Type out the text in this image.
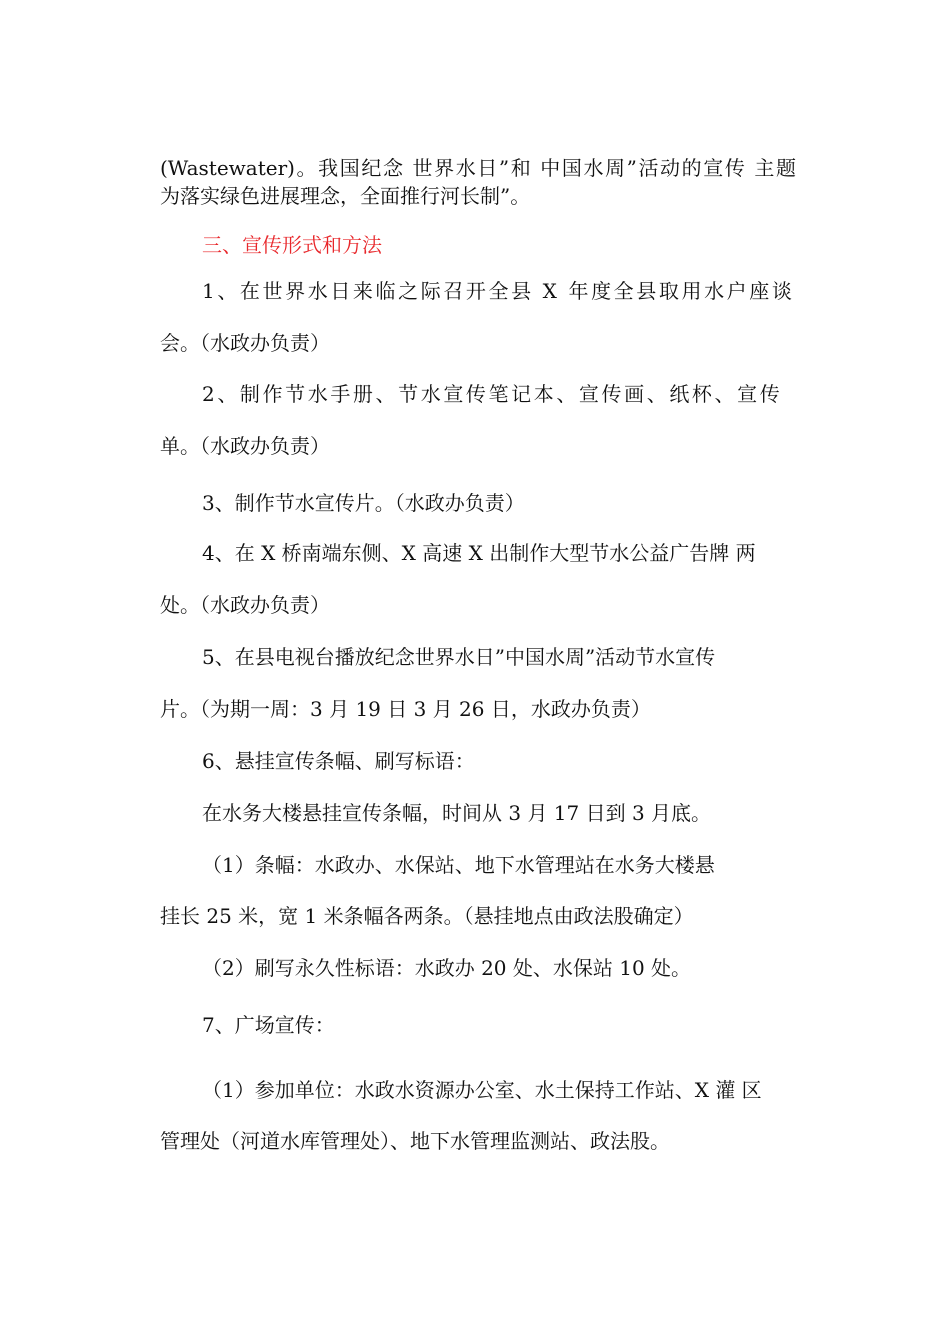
(Wastewater)。我国纪念 世界水日”和 中国水周”活动的宣传 主题

为落实绿色进展理念，全面推行河长制”。

三、宣传形式和方法

1、在世界水日来临之际召开全县 X 年度全县取用水户座谈

会。（水政办负责）

2、制作节水手册、节水宣传笔记本、宣传画、纸杯、宣传

单。（水政办负责）

3、制作节水宣传片。（水政办负责）

4、在 X 桥南端东侧、X 高速 X 出制作大型节水公益广告牌 两

处。（水政办负责）

5、在县电视台播放纪念世界水日”中国水周”活动节水宣传

片。（为期一周：3 月 19 日 3 月 26 日，水政办负责）

6、悬挂宣传条幅、刷写标语：

在水务大楼悬挂宣传条幅，时间从 3 月 17 日到 3 月底。

（1）条幅：水政办、水保站、地下水管理站在水务大楼悬

挂长 25 米，宽 1 米条幅各两条。（悬挂地点由政法股确定）

（2）刷写永久性标语：水政办 20 处、水保站 10 处。

7、广场宣传：

（1）参加单位：水政水资源办公室、水土保持工作站、X 灌 区

管理处（河道水库管理处）、地下水管理监测站、政法股。
